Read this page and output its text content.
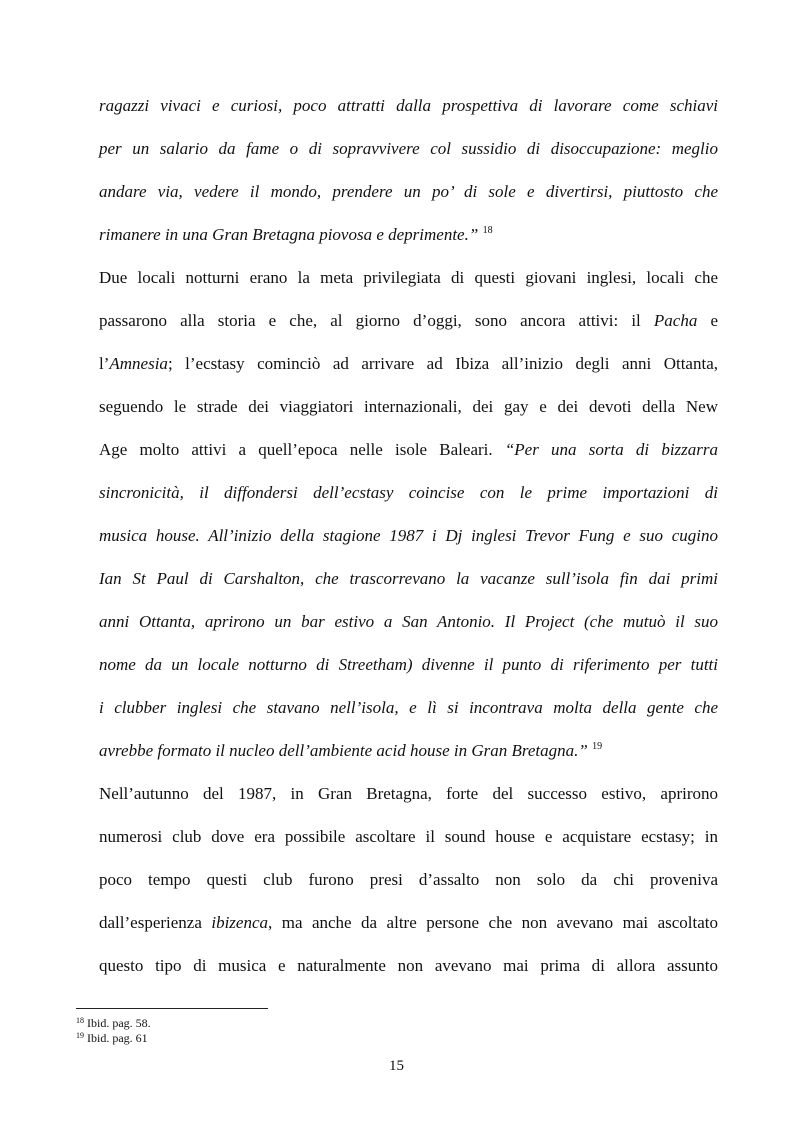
ragazzi vivaci e curiosi, poco attratti dalla prospettiva di lavorare come schiavi
per un salario da fame o di sopravvivere col sussidio di disoccupazione: meglio
andare via, vedere il mondo, prendere un po’ di sole e divertirsi, piuttosto che
rimanere in una Gran Bretagna piovosa e deprimente.” $^{18}$
Due locali notturni erano la meta privilegiata di questi giovani inglesi, locali che
passarono alla storia e che, al giorno d’oggi, sono ancora attivi: il Pacha e
l’Amnesia; l’ecstasy cominciò ad arrivare ad Ibiza all’inizio degli anni Ottanta,
seguendo le strade dei viaggiatori internazionali, dei gay e dei devoti della New
Age molto attivi a quell’epoca nelle isole Baleari. “Per una sorta di bizzarra
sincronicità, il diffondersi dell’ecstasy coincise con le prime importazioni di
musica house. All’inizio della stagione 1987 i Dj inglesi Trevor Fung e suo cugino
Ian St Paul di Carshalton, che trascorrevano la vacanze sull’isola fin dai primi
anni Ottanta, aprirono un bar estivo a San Antonio. Il Project (che mutuò il suo
nome da un locale notturno di Streetham) divenne il punto di riferimento per tutti
i clubber inglesi che stavano nell’isola, e lì si incontrava molta della gente che
avrebbe formato il nucleo dell’ambiente acid house in Gran Bretagna.” $^{19}$
Nell’autunno del 1987, in Gran Bretagna, forte del successo estivo, aprirono
numerosi club dove era possibile ascoltare il sound house e acquistare ecstasy; in
poco tempo questi club furono presi d’assalto non solo da chi proveniva
dall’esperienza ibizenca, ma anche da altre persone che non avevano mai ascoltato
questo tipo di musica e naturalmente non avevano mai prima di allora assunto
$^{18}$ Ibid. pag. 58.
$^{19}$ Ibid. pag. 61
15
